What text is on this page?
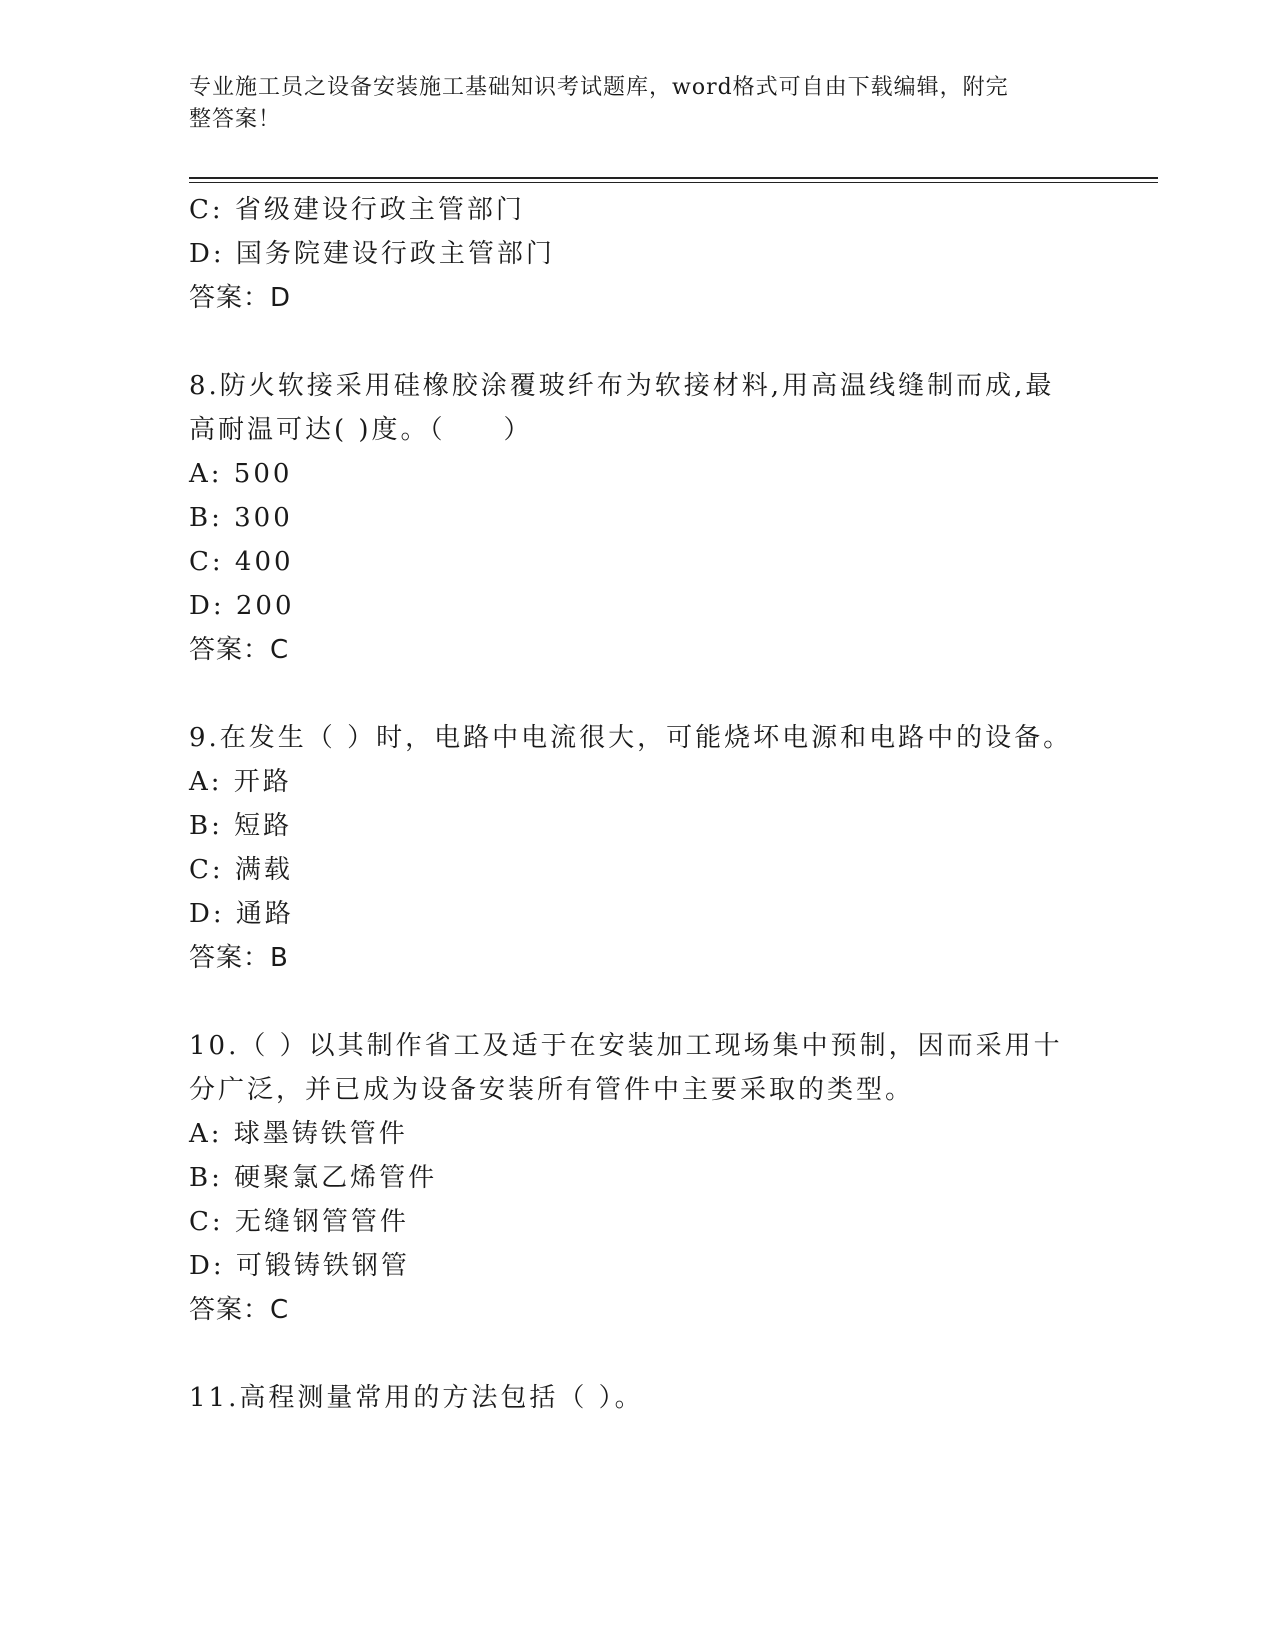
专业施工员之设备安装施工基础知识考试题库，word格式可自由下载编辑，附完
整答案！
C: 省级建设行政主管部门
D: 国务院建设行政主管部门
答案：D
8.防火软接采用硅橡胶涂覆玻纤布为软接材料,用高温线缝制而成,最
高耐温可达( )度。（　　）
A: 500
B: 300
C: 400
D: 200
答案：C
9.在发生（ ）时，电路中电流很大，可能烧坏电源和电路中的设备。
A: 开路
B: 短路
C: 满载
D: 通路
答案：B
10.（ ）以其制作省工及适于在安装加工现场集中预制，因而采用十
分广泛，并已成为设备安装所有管件中主要采取的类型。
A: 球墨铸铁管件
B: 硬聚氯乙烯管件
C: 无缝钢管管件
D: 可锻铸铁钢管
答案：C
11.高程测量常用的方法包括（ ）。
